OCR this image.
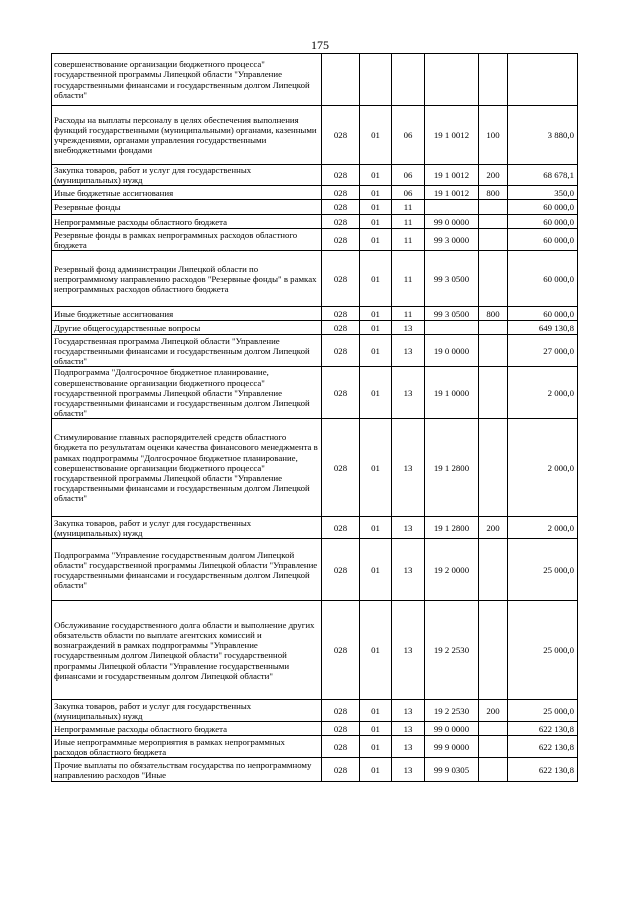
175
совершенствование организации бюджетного процесса" государственной программы Липецкой области "Управление государственными финансами и государственным долгом Липецкой области"						
Расходы на выплаты персоналу в целях обеспечения выполнения функций государственными (муниципальными) органами, казенными учреждениями, органами управления государственными внебюджетными фондами	028	01	06	19 1 0012	100	3 880,0
Закупка товаров, работ и услуг для государственных (муниципальных) нужд	028	01	06	19 1 0012	200	68 678,1
Иные бюджетные ассигнования	028	01	06	19 1 0012	800	350,0
Резервные фонды	028	01	11			60 000,0
Непрограммные расходы областного бюджета	028	01	11	99 0 0000		60 000,0
Резервные фонды в рамках непрограммных расходов областного бюджета	028	01	11	99 3 0000		60 000,0
Резервный фонд администрации Липецкой области по непрограммному направлению расходов "Резервные фонды" в рамках непрограммных расходов областного бюджета	028	01	11	99 3 0500		60 000,0
Иные бюджетные ассигнования	028	01	11	99 3 0500	800	60 000,0
Другие общегосударственные вопросы	028	01	13			649 130,8
Государственная программа Липецкой области "Управление государственными финансами и государственным долгом Липецкой области"	028	01	13	19 0 0000		27 000,0
Подпрограмма "Долгосрочное бюджетное планирование, совершенствование организации бюджетного процесса" государственной программы Липецкой области "Управление государственными финансами и государственным долгом Липецкой области"	028	01	13	19 1 0000		2 000,0
Стимулирование главных распорядителей средств областного бюджета по результатам оценки качества финансового менеджмента в рамках подпрограммы "Долгосрочное бюджетное планирование, совершенствование организации бюджетного процесса" государственной программы Липецкой области "Управление государственными финансами и государственным долгом Липецкой области"	028	01	13	19 1 2800		2 000,0
Закупка товаров, работ и услуг для государственных (муниципальных) нужд	028	01	13	19 1 2800	200	2 000,0
Подпрограмма "Управление государственным долгом Липецкой области" государственной программы Липецкой области "Управление государственными финансами и государственным долгом Липецкой области"	028	01	13	19 2 0000		25 000,0
Обслуживание государственного долга области и выполнение других обязательств области по выплате агентских комиссий и вознаграждений в рамках подпрограммы "Управление государственным долгом Липецкой области" государственной программы Липецкой области "Управление государственными финансами и государственным долгом Липецкой области"	028	01	13	19 2 2530		25 000,0
Закупка товаров, работ и услуг для государственных (муниципальных) нужд	028	01	13	19 2 2530	200	25 000,0
Непрограммные расходы областного бюджета	028	01	13	99 0 0000		622 130,8
Иные непрограммные мероприятия в рамках непрограммных расходов областного бюджета	028	01	13	99 9 0000		622 130,8
Прочие выплаты по обязательствам государства по непрограммному направлению расходов "Иные	028	01	13	99 9 0305		622 130,8
